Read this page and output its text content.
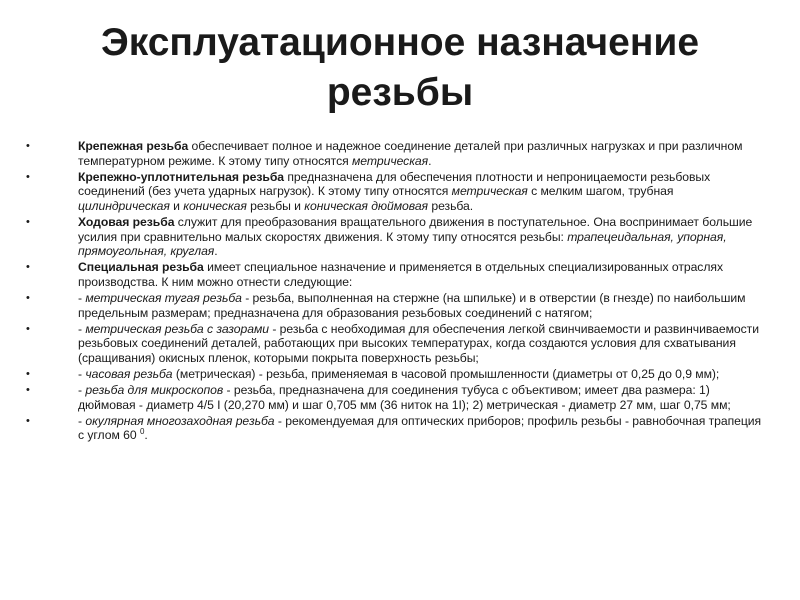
Эксплуатационное назначение
резьбы
•	Крепежная резьба обеспечивает полное и надежное соединение деталей при различных нагрузках и при различном температурном режиме. К этому типу относятся метрическая.
•	Крепежно-уплотнительная резьба предназначена для обеспечения плотности и непроницаемости резьбовых соединений (без учета ударных нагрузок). К этому типу относятся метрическая с мелким шагом, трубная цилиндрическая и коническая резьбы и коническая дюймовая резьба.
•	Ходовая резьба служит для преобразования вращательного движения в поступательное. Она воспринимает большие усилия при сравнительно малых скоростях движения. К этому типу относятся резьбы: трапецеидальная, упорная, прямоугольная, круглая.
•	Специальная резьба имеет специальное назначение и применяется в отдельных специализированных отраслях производства. К ним можно отнести следующие:
•	- метрическая тугая резьба - резьба, выполненная на стержне (на шпильке) и в отверстии (в гнезде) по наибольшим предельным размерам; предназначена для образования резьбовых соединений с натягом;
•	- метрическая резьба с зазорами - резьба с необходимая для обеспечения легкой свинчиваемости и развинчиваемости резьбовых соединений деталей, работающих при высоких температурах, когда создаются условия для схватывания (сращивания) окисных пленок, которыми покрыта поверхность резьбы;
•	- часовая резьба (метрическая) - резьба, применяемая в часовой промышленности (диаметры от 0,25 до 0,9 мм);
•	- резьба для микроскопов - резьба, предназначена для соединения тубуса с объективом; имеет два размера: 1) дюймовая - диаметр 4/5 I (20,270 мм) и шаг 0,705 мм (36 ниток на 1I); 2) метрическая - диаметр 27 мм, шаг 0,75 мм;
•	- окулярная многозаходная резьба - рекомендуемая для оптических приборов; профиль резьбы - равнобочная трапеция с углом 60 $^0$.
